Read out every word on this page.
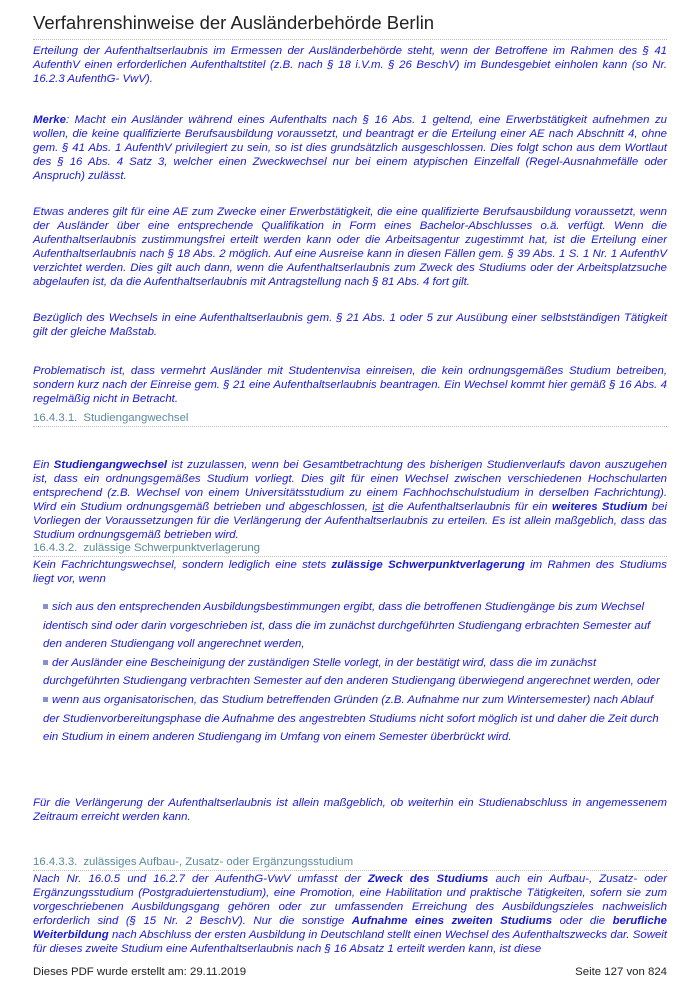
Verfahrenshinweise der Ausländerbehörde Berlin

Erteilung der Aufenthaltserlaubnis im Ermessen der Ausländerbehörde steht, wenn der Betroffene im Rahmen des § 41 AufenthV einen erforderlichen Aufenthaltstitel (z.B. nach § 18 i.V.m. § 26 BeschV) im Bundesgebiet einholen kann (so Nr. 16.2.3 AufenthG- VwV).

Merke: Macht ein Ausländer während eines Aufenthalts nach § 16 Abs. 1 geltend, eine Erwerbstätigkeit aufnehmen zu wollen, die keine qualifizierte Berufsausbildung voraussetzt, und beantragt er die Erteilung einer AE nach Abschnitt 4, ohne gem. § 41 Abs. 1 AufenthV privilegiert zu sein, so ist dies grundsätzlich ausgeschlossen. Dies folgt schon aus dem Wortlaut des § 16 Abs. 4 Satz 3, welcher einen Zweckwechsel nur bei einem atypischen Einzelfall (Regel-Ausnahmefälle oder Anspruch) zulässt.

Etwas anderes gilt für eine AE zum Zwecke einer Erwerbstätigkeit, die eine qualifizierte Berufsausbildung voraussetzt, wenn der Ausländer über eine entsprechende Qualifikation in Form eines Bachelor-Abschlusses o.ä. verfügt. Wenn die Aufenthaltserlaubnis zustimmungsfrei erteilt werden kann oder die Arbeitsagentur zugestimmt hat, ist die Erteilung einer Aufenthaltserlaubnis nach § 18 Abs. 2 möglich. Auf eine Ausreise kann in diesen Fällen gem. § 39 Abs. 1 S. 1 Nr. 1 AufenthV verzichtet werden. Dies gilt auch dann, wenn die Aufenthaltserlaubnis zum Zweck des Studiums oder der Arbeitsplatzsuche abgelaufen ist, da die Aufenthaltserlaubnis mit Antragstellung nach § 81 Abs. 4 fort gilt.

Bezüglich des Wechsels in eine Aufenthaltserlaubnis gem. § 21 Abs. 1 oder 5 zur Ausübung einer selbstständigen Tätigkeit gilt der gleiche Maßstab.

Problematisch ist, dass vermehrt Ausländer mit Studentenvisa einreisen, die kein ordnungsgemäßes Studium betreiben, sondern kurz nach der Einreise gem. § 21 eine Aufenthaltserlaubnis beantragen. Ein Wechsel kommt hier gemäß § 16 Abs. 4 regelmäßig nicht in Betracht.

16.4.3.1. Studiengangwechsel

Ein Studiengangwechsel ist zuzulassen, wenn bei Gesamtbetrachtung des bisherigen Studienverlaufs davon auszugehen ist, dass ein ordnungsgemäßes Studium vorliegt. Dies gilt für einen Wechsel zwischen verschiedenen Hochschularten entsprechend (z.B. Wechsel von einem Universitätsstudium zu einem Fachhochschulstudium in derselben Fachrichtung). Wird ein Studium ordnungsgemäß betrieben und abgeschlossen, ist die Aufenthaltserlaubnis für ein weiteres Studium bei Vorliegen der Voraussetzungen für die Verlängerung der Aufenthaltserlaubnis zu erteilen. Es ist allein maßgeblich, dass das Studium ordnungsgemäß betrieben wird.

16.4.3.2. zulässige Schwerpunktverlagerung

Kein Fachrichtungswechsel, sondern lediglich eine stets zulässige Schwerpunktverlagerung im Rahmen des Studiums liegt vor, wenn

sich aus den entsprechenden Ausbildungsbestimmungen ergibt, dass die betroffenen Studiengänge bis zum Wechsel identisch sind oder darin vorgeschrieben ist, dass die im zunächst durchgeführten Studiengang erbrachten Semester auf den anderen Studiengang voll angerechnet werden,
der Ausländer eine Bescheinigung der zuständigen Stelle vorlegt, in der bestätigt wird, dass die im zunächst durchgeführten Studiengang verbrachten Semester auf den anderen Studiengang überwiegend angerechnet werden, oder
wenn aus organisatorischen, das Studium betreffenden Gründen (z.B. Aufnahme nur zum Wintersemester) nach Ablauf der Studienvorbereitungsphase die Aufnahme des angestrebten Studiums nicht sofort möglich ist und daher die Zeit durch ein Studium in einem anderen Studiengang im Umfang von einem Semester überbrückt wird.

Für die Verlängerung der Aufenthaltserlaubnis ist allein maßgeblich, ob weiterhin ein Studienabschluss in angemessenem Zeitraum erreicht werden kann.

16.4.3.3. zulässiges Aufbau-, Zusatz- oder Ergänzungsstudium

Nach Nr. 16.0.5 und 16.2.7 der AufenthG-VwV umfasst der Zweck des Studiums auch ein Aufbau-, Zusatz- oder Ergänzungsstudium (Postgraduiertenstudium), eine Promotion, eine Habilitation und praktische Tätigkeiten, sofern sie zum vorgeschriebenen Ausbildungsgang gehören oder zur umfassenden Erreichung des Ausbildungszieles nachweislich erforderlich sind (§ 15 Nr. 2 BeschV). Nur die sonstige Aufnahme eines zweiten Studiums oder die berufliche Weiterbildung nach Abschluss der ersten Ausbildung in Deutschland stellt einen Wechsel des Aufenthaltszwecks dar. Soweit für dieses zweite Studium eine Aufenthaltserlaubnis nach § 16 Absatz 1 erteilt werden kann, ist diese

Dieses PDF wurde erstellt am: 29.11.2019	Seite 127 von 824
